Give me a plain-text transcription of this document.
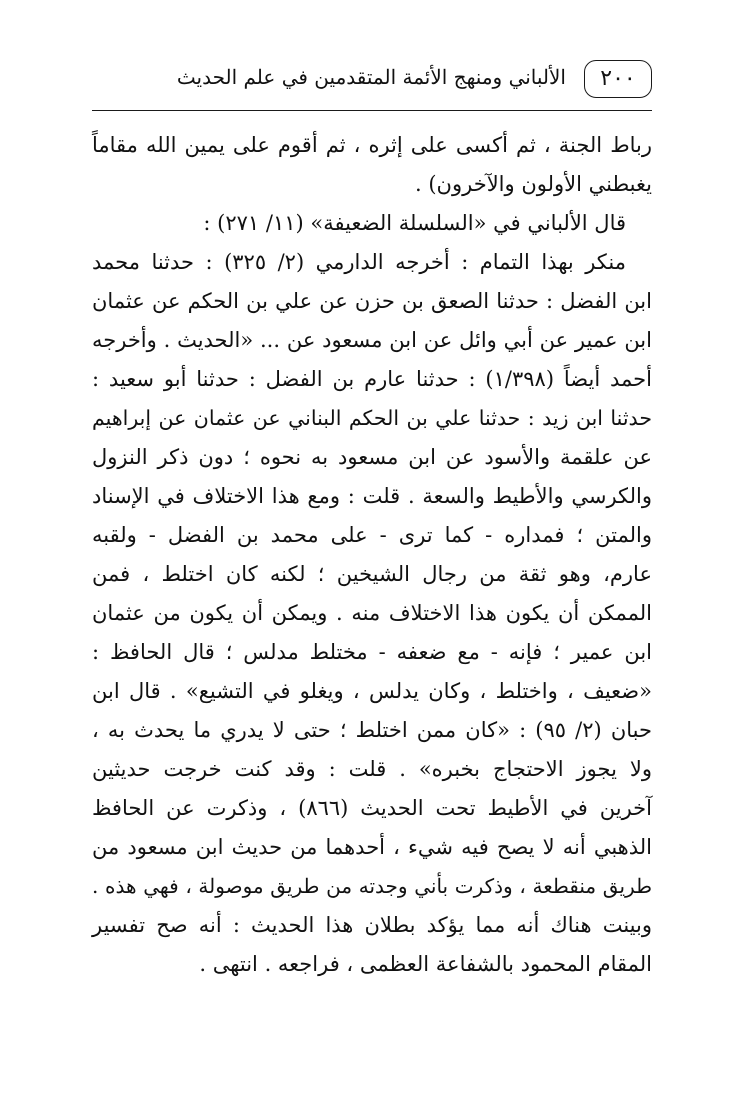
٢٠٠
الألباني ومنهج الأئمة المتقدمين في علم الحديث
رباط الجنة ، ثم أكسى على إثره ، ثم أقوم على يمين الله مقاماً
يغبطني الأولون والآخرون) .
قال الألباني في «السلسلة الضعيفة» (١١/ ٢٧١) :
منكر بهذا التمام : أخرجه الدارمي (٢/ ٣٢٥) : حدثنا محمد
ابن الفضل : حدثنا الصعق بن حزن عن علي بن الحكم عن عثمان
ابن عمير عن أبي وائل عن ابن مسعود عن ... «الحديث . وأخرجه
أحمد أيضاً (١/٣٩٨) : حدثنا عارم بن الفضل : حدثنا أبو سعيد :
حدثنا ابن زيد : حدثنا علي بن الحكم البناني عن عثمان عن إبراهيم
عن علقمة والأسود عن ابن مسعود به نحوه ؛ دون ذكر النزول
والكرسي والأطيط والسعة . قلت : ومع هذا الاختلاف في الإسناد
والمتن ؛ فمداره - كما ترى - على محمد بن الفضل - ولقبه
عارم، وهو ثقة من رجال الشيخين ؛ لكنه كان اختلط ، فمن
الممكن أن يكون هذا الاختلاف منه . ويمكن أن يكون من عثمان
ابن عمير ؛ فإنه - مع ضعفه - مختلط مدلس ؛ قال الحافظ :
«ضعيف ، واختلط ، وكان يدلس ، ويغلو في التشيع» . قال ابن
حبان (٢/ ٩٥) : «كان ممن اختلط ؛ حتى لا يدري ما يحدث به ،
ولا يجوز الاحتجاج بخبره» . قلت : وقد كنت خرجت حديثين
آخرين في الأطيط تحت الحديث (٨٦٦) ، وذكرت عن الحافظ
الذهبي أنه لا يصح فيه شيء ، أحدهما من حديث ابن مسعود من
طريق منقطعة ، وذكرت بأني وجدته من طريق موصولة ، فهي هذه .
وبينت هناك أنه مما يؤكد بطلان هذا الحديث : أنه صح تفسير
المقام المحمود بالشفاعة العظمى ، فراجعه . انتهى .
